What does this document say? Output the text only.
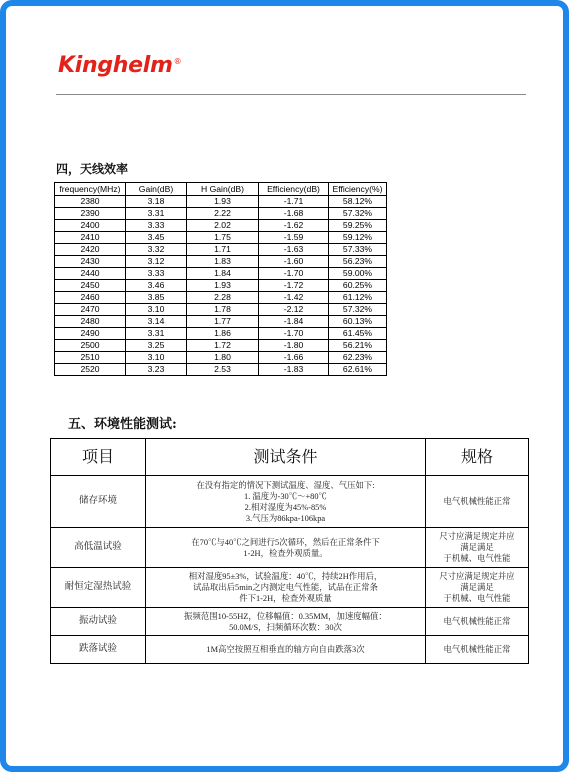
Kinghelm®
四，天线效率
frequency(MHz)	Gain(dB)	H Gain(dB)	Efficiency(dB)	Efficiency(%)
2380	3.18	1.93	-1.71	58.12%
2390	3.31	2.22	-1.68	57.32%
2400	3.33	2.02	-1.62	59.25%
2410	3.45	1.75	-1.59	59.12%
2420	3.32	1.71	-1.63	57.33%
2430	3.12	1.83	-1.60	56.23%
2440	3.33	1.84	-1.70	59.00%
2450	3.46	1.93	-1.72	60.25%
2460	3.85	2.28	-1.42	61.12%
2470	3.10	1.78	-2.12	57.32%
2480	3.14	1.77	-1.84	60.13%
2490	3.31	1.86	-1.70	61.45%
2500	3.25	1.72	-1.80	56.21%
2510	3.10	1.80	-1.66	62.23%
2520	3.23	2.53	-1.83	62.61%
五、环境性能测试:
项目	测试条件	规格
储存环境	在没有指定的情况下测试温度、湿度、气压如下:
1. 温度为-30℃～+80℃
2.相对湿度为45%-85%
3.气压为86kpa-106kpa	电气机械性能正常

高低温试验	在70℃与40℃之间进行5次循环，然后在正常条件下
1-2H，检查外观质量。	尺寸应满足规定并应
满足满足
于机械、电气性能

耐恒定湿热试验	相对湿度95±3%，试验温度：40℃，持续2H作用后，
试品取出后5min之内测定电气性能，试品在正常条
件下1-2H，检查外观质量	尺寸应满足规定并应
满足满足
于机械、电气性能

振动试验	振频范围10-55HZ，位移幅值：0.35MM，加速度幅值：
50.0M/S，扫频循环次数：30次	电气机械性能正常

跌落试验	1M高空按照互相垂直的轴方向自由跌落3次	电气机械性能正常
